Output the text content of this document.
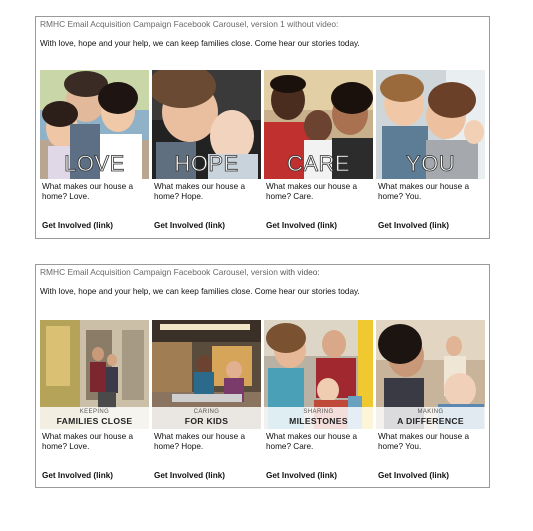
RMHC Email Acquisition Campaign Facebook Carousel, version 1 without video:
With love, hope and your help, we can keep families close. Come hear our stories today.
LOVE
What makes our house a home? Love.
Get Involved (link)
HOPE
What makes our house a home? Hope.
Get Involved (link)
CARE
What makes our house a home? Care.
Get Involved (link)
YOU
What makes our house a home? You.
Get Involved (link)
RMHC Email Acquisition Campaign Facebook Carousel, version with video:
With love, hope and your help, we can keep families close. Come hear our stories today.
KEEPING
FAMILIES CLOSE
What makes our house a home? Love.
Get Involved (link)
CARING
FOR KIDS
What makes our house a home? Hope.
Get Involved (link)
SHARING
MILESTONES
What makes our house a home? Care.
Get Involved (link)
MAKING
A DIFFERENCE
What makes our house a home? You.
Get Involved (link)
